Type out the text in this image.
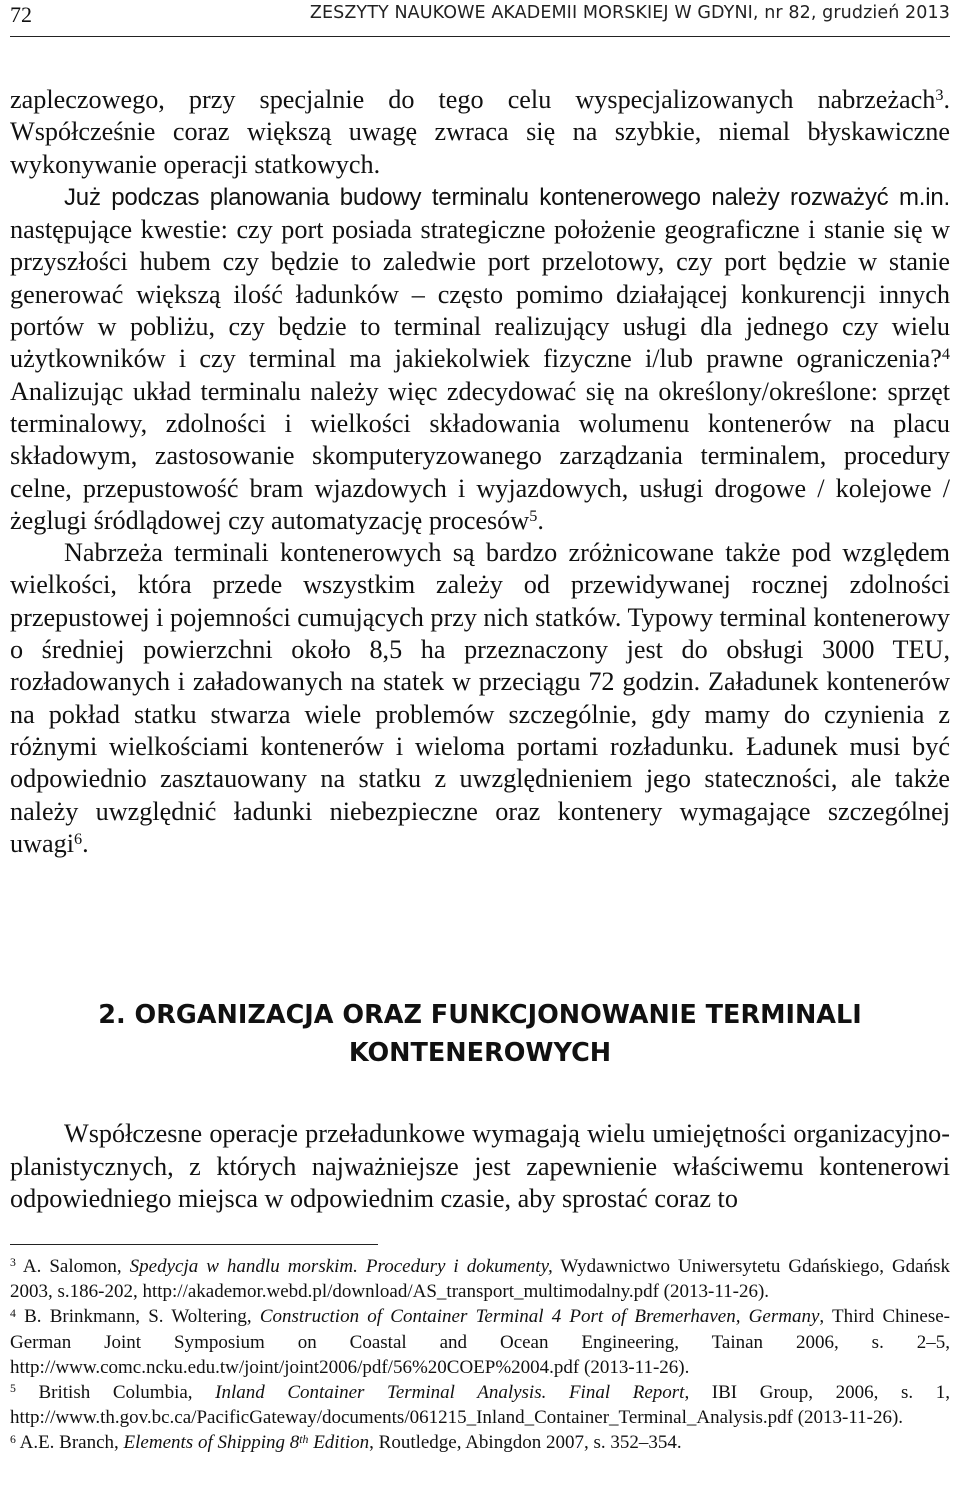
72	ZESZYTY NAUKOWE AKADEMII MORSKIEJ W GDYNI, nr 82, grudzień 2013

zapleczowego, przy specjalnie do tego celu wyspecjalizowanych nabrzeżach$^3$. Współcześnie coraz większą uwagę zwraca się na szybkie, niemal błyskawiczne wykonywanie operacji statkowych.

Już podczas planowania budowy terminalu kontenerowego należy rozważyć m.in. następujące kwestie: czy port posiada strategiczne położenie geograficzne i stanie się w przyszłości hubem czy będzie to zaledwie port przelotowy, czy port będzie w stanie generować większą ilość ładunków – często pomimo działającej konkurencji innych portów w pobliżu, czy będzie to terminal realizujący usługi dla jednego czy wielu użytkowników i czy terminal ma jakiekolwiek fizyczne i/lub prawne ograniczenia?$^4$ Analizując układ terminalu należy więc zdecydować się na określony/określone: sprzęt terminalowy, zdolności i wielkości składowania wolumenu kontenerów na placu składowym, zastosowanie skomputeryzowanego zarządzania terminalem, procedury celne, przepustowość bram wjazdowych i wyjazdowych, usługi drogowe / kolejowe / żeglugi śródlądowej czy automatyzację procesów$^5$.

Nabrzeża terminali kontenerowych są bardzo zróżnicowane także pod względem wielkości, która przede wszystkim zależy od przewidywanej rocznej zdolności przepustowej i pojemności cumujących przy nich statków. Typowy terminal kontenerowy o średniej powierzchni około 8,5 ha przeznaczony jest do obsługi 3000 TEU, rozładowanych i załadowanych na statek w przeciągu 72 godzin. Załadunek kontenerów na pokład statku stwarza wiele problemów szczególnie, gdy mamy do czynienia z różnymi wielkościami kontenerów i wieloma portami rozładunku. Ładunek musi być odpowiednio zasztauowany na statku z uwzględnieniem jego stateczności, ale także należy uwzględnić ładunki niebezpieczne oraz kontenery wymagające szczególnej uwagi$^6$.

2. ORGANIZACJA ORAZ FUNKCJONOWANIE TERMINALI
KONTENEROWYCH

Współczesne operacje przeładunkowe wymagają wielu umiejętności organizacyjno-planistycznych, z których najważniejsze jest zapewnienie właściwemu kontenerowi odpowiedniego miejsca w odpowiednim czasie, aby sprostać coraz to

$^3$ A. Salomon, Spedycja w handlu morskim. Procedury i dokumenty, Wydawnictwo Uniwersytetu Gdańskiego, Gdańsk 2003, s.186-202, http://akademor.webd.pl/download/AS_transport_multimodalny.pdf (2013-11-26).

$^4$ B. Brinkmann, S. Woltering, Construction of Container Terminal 4 Port of Bremerhaven, Germany, Third Chinese-German Joint Symposium on Coastal and Ocean Engineering, Tainan 2006, s. 2–5, http://www.comc.ncku.edu.tw/joint/joint2006/pdf/56%20COEP%2004.pdf (2013-11-26).

$^5$ British Columbia, Inland Container Terminal Analysis. Final Report, IBI Group, 2006, s. 1, http://www.th.gov.bc.ca/PacificGateway/documents/061215_Inland_Container_Terminal_Analysis.pdf (2013-11-26).

$^6$ A.E. Branch, Elements of Shipping 8th Edition, Routledge, Abingdon 2007, s. 352–354.
